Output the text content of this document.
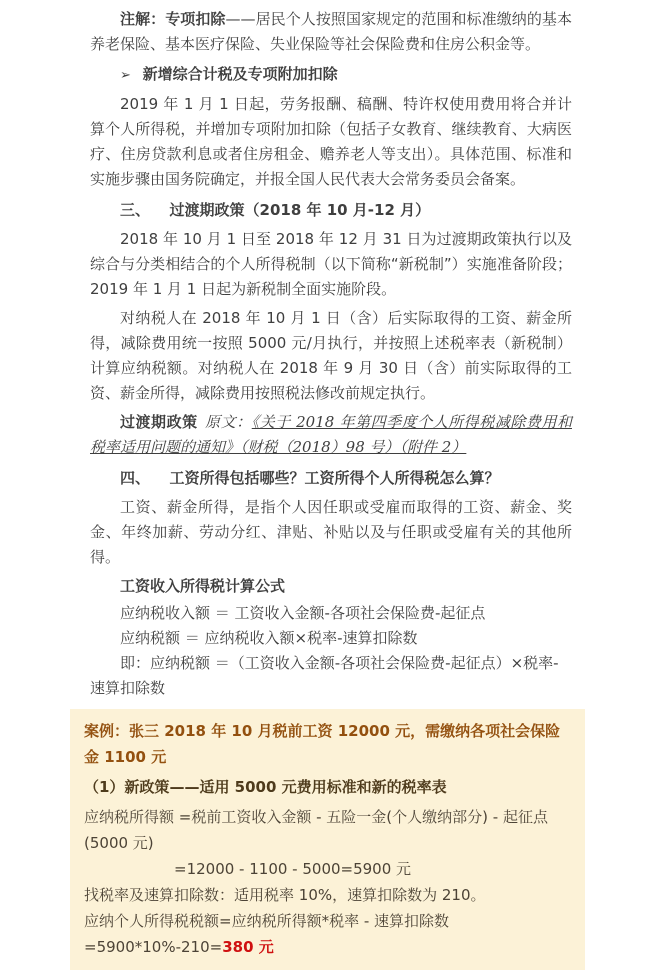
注解：专项扣除——居民个人按照国家规定的范围和标准缴纳的基本养老保险、基本医疗保险、失业保险等社会保险费和住房公积金等。

➢ 新增综合计税及专项附加扣除

2019 年 1 月 1 日起，劳务报酬、稿酬、特许权使用费用将合并计算个人所得税，并增加专项附加扣除（包括子女教育、继续教育、大病医疗、住房贷款利息或者住房租金、赡养老人等支出）。具体范围、标准和实施步骤由国务院确定，并报全国人民代表大会常务委员会备案。

三、 过渡期政策（2018 年 10 月-12 月）

2018 年 10 月 1 日至 2018 年 12 月 31 日为过渡期政策执行以及综合与分类相结合的个人所得税制（以下简称“新税制”）实施准备阶段； 2019 年 1 月 1 日起为新税制全面实施阶段。

对纳税人在 2018 年 10 月 1 日（含）后实际取得的工资、薪金所得，减除费用统一按照 5000 元/月执行，并按照上述税率表（新税制）计算应纳税额。对纳税人在 2018 年 9 月 30 日（含）前实际取得的工资、薪金所得，减除费用按照税法修改前规定执行。

过渡期政策 原文：《关于 2018 年第四季度个人所得税减除费用和税率适用问题的通知》（财税（2018）98 号）（附件 2）

四、 工资所得包括哪些？工资所得个人所得税怎么算？

工资、薪金所得，是指个人因任职或受雇而取得的工资、薪金、奖金、年终加薪、劳动分红、津贴、补贴以及与任职或受雇有关的其他所得。

工资收入所得税计算公式

应纳税收入额 ＝ 工资收入金额-各项社会保险费-起征点

应纳税额 ＝ 应纳税收入额×税率-速算扣除数

即：应纳税额 ＝（工资收入金额-各项社会保险费-起征点）×税率-速算扣除数

案例：张三 2018 年 10 月税前工资 12000 元，需缴纳各项社会保险金 1100 元

（1）新政策——适用 5000 元费用标准和新的税率表

应纳税所得额 =税前工资收入金额 - 五险一金(个人缴纳部分) - 起征点(5000 元)

=12000 - 1100 - 5000=5900 元

找税率及速算扣除数：适用税率 10%，速算扣除数为 210。

应纳个人所得税税额=应纳税所得额*税率 - 速算扣除数=5900*10%-210=380 元
